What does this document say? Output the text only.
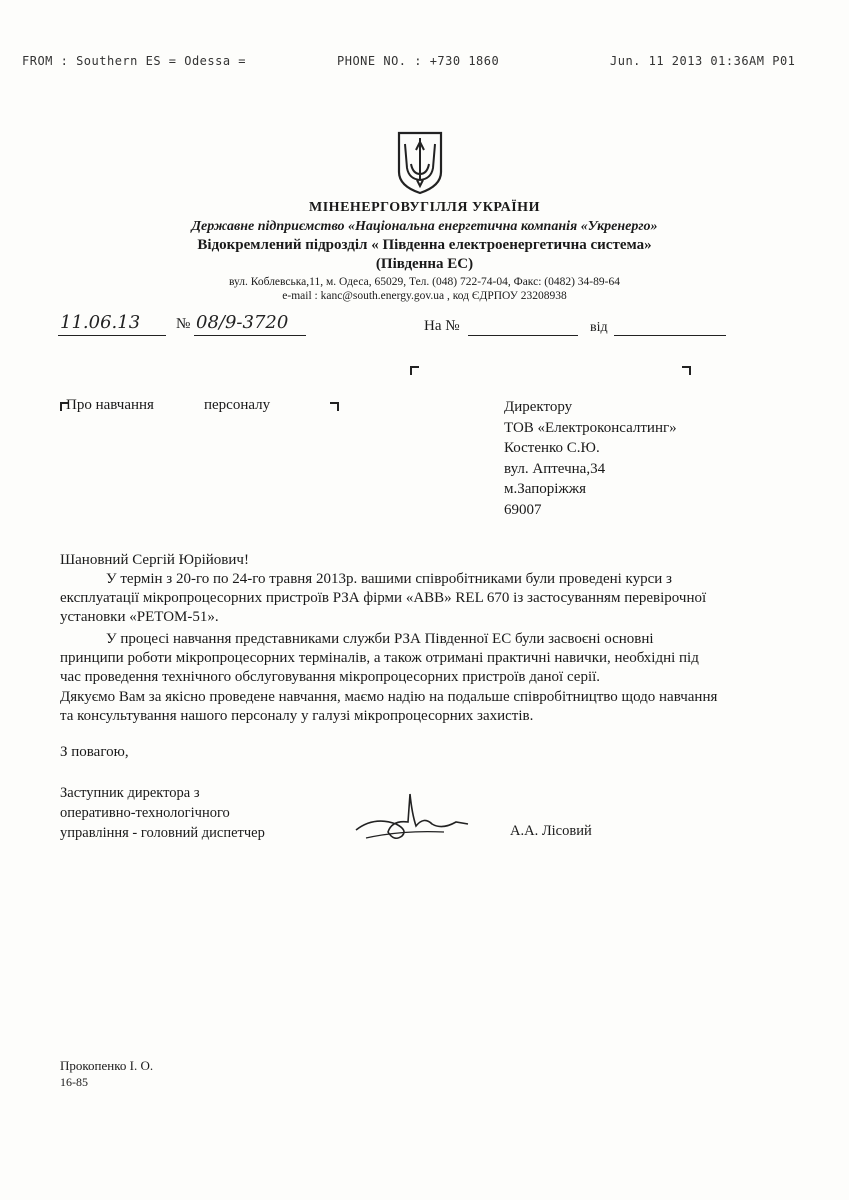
FROM : Southern ES = Odessa =	PHONE NO. : +730 1860	Jun. 11 2013 01:36AM P01
МІНЕНЕРГОВУГІЛЛЯ УКРАЇНИ
Державне підприємство «Національна енергетична компанія «Укренерго»
Відокремлений підрозділ « Південна електроенергетична система»
(Південна ЕС)
вул. Коблевська,11, м. Одеса, 65029, Тел. (048) 722-74-04, Факс: (0482) 34-89-64
e-mail : kanc@south.energy.gov.ua , код ЄДРПОУ 23208938
11.06.13 № 08/9-3720	На №	від
Про навчання	персоналу	Директору
ТОВ «Електроконсалтинг»
Костенко С.Ю.
вул. Аптечна,34
м.Запоріжжя
69007
Шановний Сергій Юрійович!
У термін з 20-го по 24-го травня 2013р. вашими співробітниками були проведені курси з експлуатації мікропроцесорних пристроїв РЗА фірми «АВВ» REL 670 із застосуванням перевірочної установки «РЕТОМ-51».
У процесі навчання представниками служби РЗА Південної ЕС були засвоєні основні принципи роботи мікропроцесорних терміналів, а також отримані практичні навички, необхідні під час проведення технічного обслуговування мікропроцесорних пристроїв даної серії.
Дякуємо Вам за якісно проведене навчання, маємо надію на подальше співробітництво щодо навчання та консультування нашого персоналу у галузі мікропроцесорних захистів.
З повагою,
Заступник директора з
оперативно-технологічного
управління - головний диспетчер	А.А. Лісовий
Прокопенко І. О.
16-85
